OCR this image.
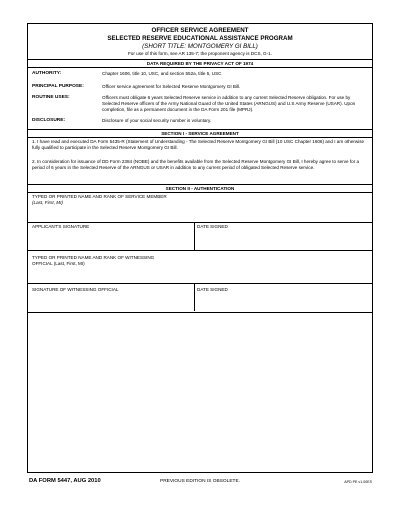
OFFICER SERVICE AGREEMENT
SELECTED RESERVE EDUCATIONAL ASSISTANCE PROGRAM
(SHORT TITLE: MONTGOMERY GI BILL)
For use of this form, see AR 135-7; the proponent agency is DCS, G-1.
DATA REQUIRED BY THE PRIVACY ACT OF 1974
AUTHORITY:	Chapter 1606, title 10, USC, and section 552a, title 5, USC
PRINCIPAL PURPOSE:	Officer service agreement for Selected Reserve Montgomery GI Bill.
ROUTINE USES:	Officers must obligate 6 years Selected Reserve service in addition to any current Selected Reserve obligation. For use by Selected Reserve officers of the Army National Guard of the United States (ARNGUS) and U.S Army Reserve (USAR). Upon completion, file as a permanent document in the DA Form 201 file (MPRJ).
DISCLOSURE:	Disclosure of your social security number is voluntary.
SECTION I - SERVICE AGREEMENT
1. I have read and executed DA Form 5435-R (Statement of Understanding - The Selected Reserve Montgomery GI Bill (10 USC Chapter 1606) and I am otherwise fully qualified to participate in the Selected Reserve Montgomery GI Bill.
2. In consideration for issuance of DD Form 2384 (NOBE) and the benefits available from the Selected Reserve Montgomery GI Bill, I hereby agree to serve for a period of 6 years in the Selected Reserve of the ARNGUS or USAR in addition to any current period of obligated Selected Reserve service.
SECTION II - AUTHENTICATION
TYPED OR PRINTED NAME AND RANK OF SERVICE MEMBER
(Last, First, MI)
APPLICANT'S SIGNATURE	DATE SIGNED
TYPED OR PRINTED NAME AND RANK OF WITNESSING
OFFICIAL (Last, First, MI)
SIGNATURE OF WITNESSING OFFICIAL	DATE SIGNED
DA FORM 5447, AUG 2010	PREVIOUS EDITION IS OBSOLETE.	APD PE v1.00ES
